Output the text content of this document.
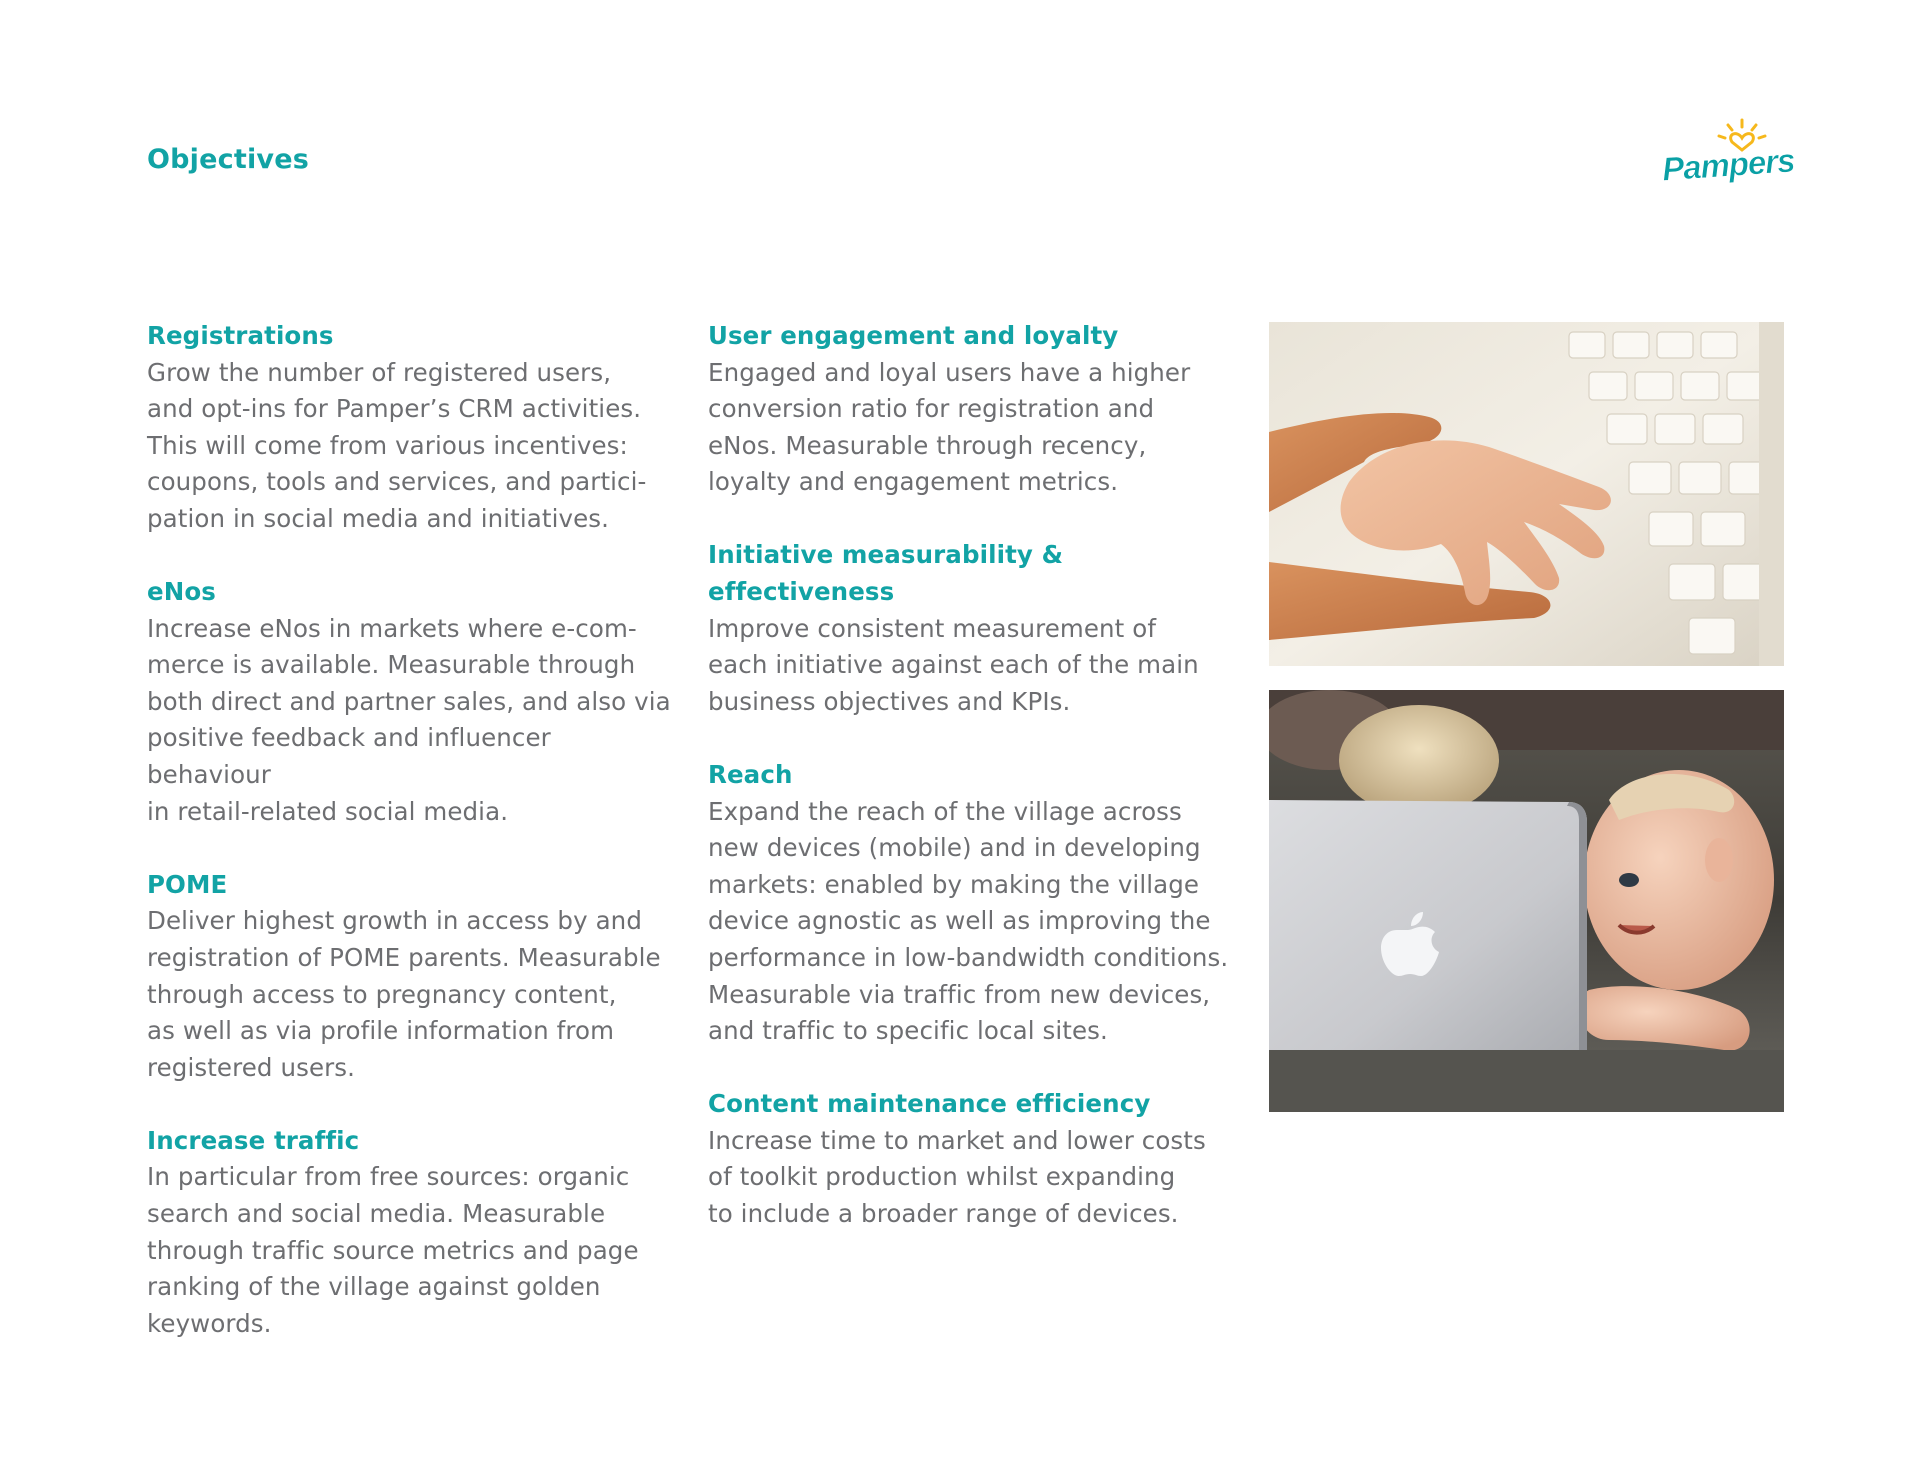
Objectives	Pampers
Registrations

Grow the number of registered users,
and opt-ins for Pamper’s CRM activities.
This will come from various incentives:
coupons, tools and services, and partici-
pation in social media and initiatives.

eNos

Increase eNos in markets where e-com-
merce is available. Measurable through
both direct and partner sales, and also via
positive feedback and influencer behaviour
in retail-related social media.

POME

Deliver highest growth in access by and
registration of POME parents. Measurable
through access to pregnancy content,
as well as via profile information from
registered users.

Increase traffic

In particular from free sources: organic
search and social media. Measurable
through traffic source metrics and page
ranking of the village against golden
keywords.

User engagement and loyalty

Engaged and loyal users have a higher
conversion ratio for registration and
eNos. Measurable through recency,
loyalty and engagement metrics.

Initiative measurability & effectiveness

Improve consistent measurement of
each initiative against each of the main
business objectives and KPIs.

Reach

Expand the reach of the village across
new devices (mobile) and in developing
markets: enabled by making the village
device agnostic as well as improving the
performance in low-bandwidth conditions.
Measurable via traffic from new devices,
and traffic to specific local sites.

Content maintenance efficiency

Increase time to market and lower costs
of toolkit production whilst expanding
to include a broader range of devices.
